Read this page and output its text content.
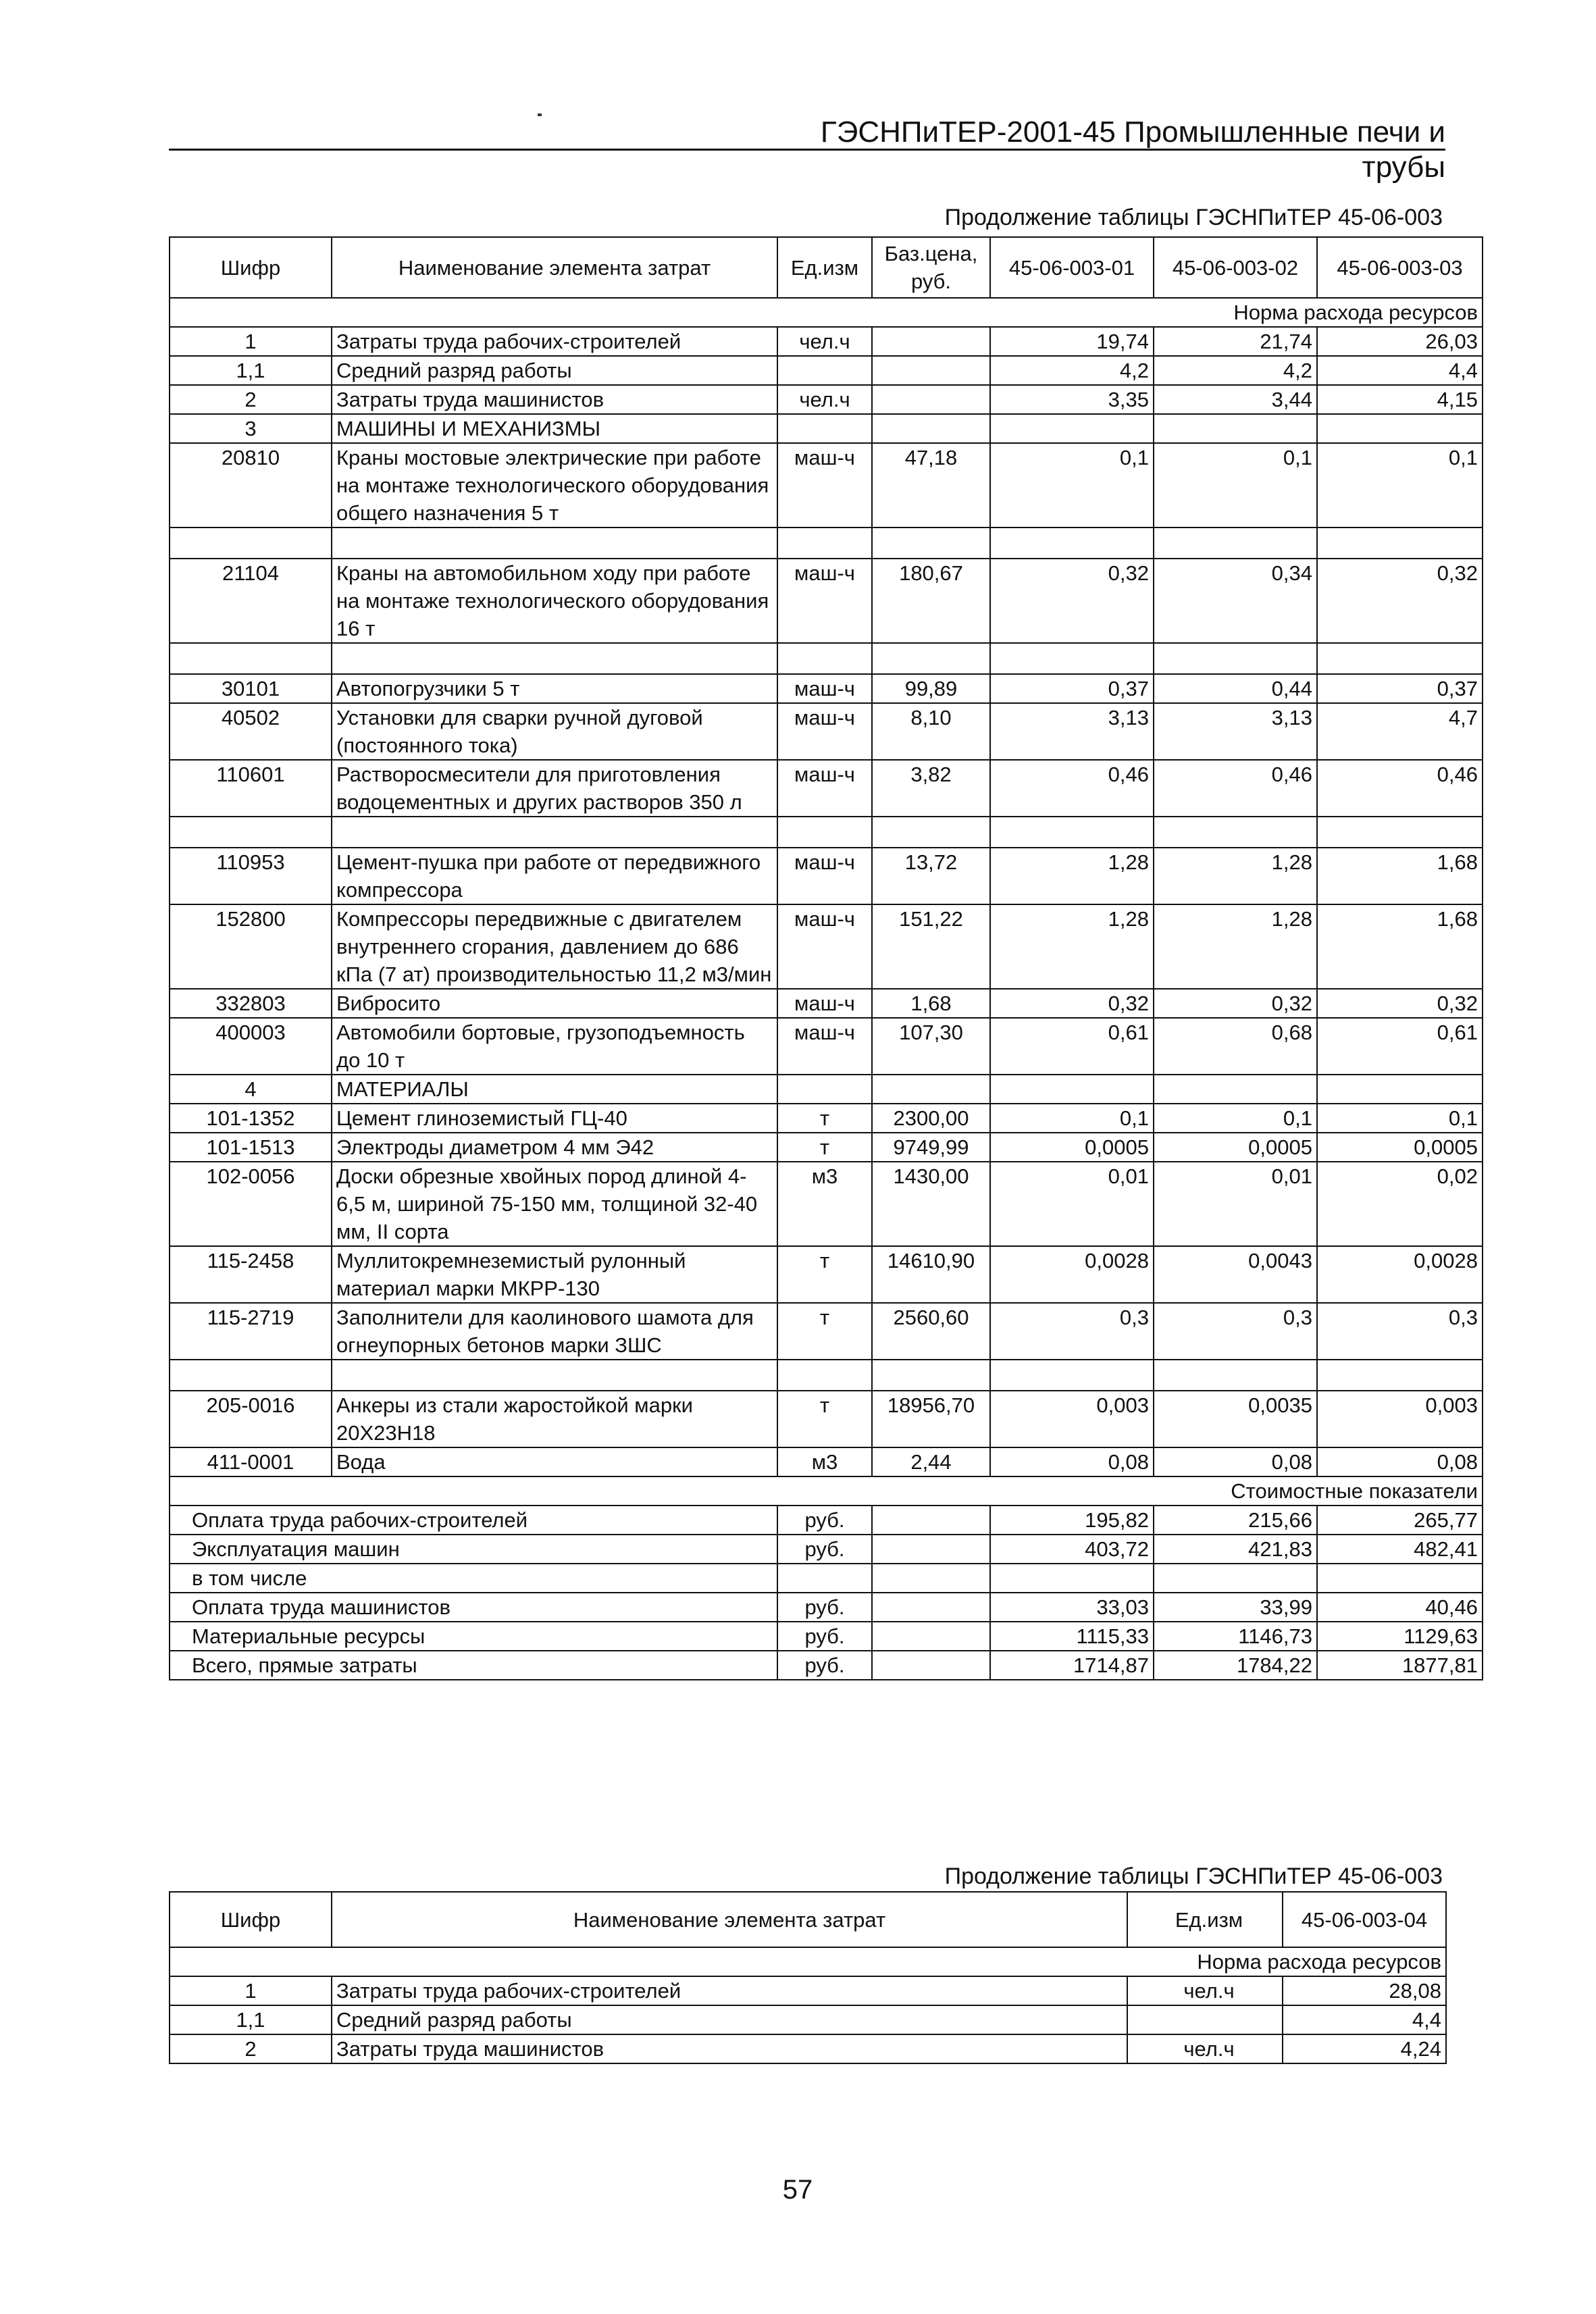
ГЭСНПиТЕР-2001-45 Промышленные печи и трубы
Продолжение таблицы ГЭСНПиТЕР 45-06-003
Шифр	Наименование элемента затрат	Ед.изм	Баз.цена, руб.	45-06-003-01	45-06-003-02	45-06-003-03
Норма расхода ресурсов						
1	Затраты труда рабочих-строителей	чел.ч		19,74	21,74	26,03
1,1	Средний разряд работы			4,2	4,2	4,4
2	Затраты труда машинистов	чел.ч		3,35	3,44	4,15
3	МАШИНЫ И МЕХАНИЗМЫ					
20810	Краны мостовые электрические при работе на монтаже технологического оборудования общего назначения 5 т	маш-ч	47,18	0,1	0,1	0,1

21104	Краны на автомобильном ходу при работе на монтаже технологического оборудования 16 т	маш-ч	180,67	0,32	0,34	0,32

30101	Автопогрузчики 5 т	маш-ч	99,89	0,37	0,44	0,37
40502	Установки для сварки ручной дуговой (постоянного тока)	маш-ч	8,10	3,13	3,13	4,7
110601	Растворосмесители для приготовления водоцементных и других растворов 350 л	маш-ч	3,82	0,46	0,46	0,46

110953	Цемент-пушка при работе от передвижного компрессора	маш-ч	13,72	1,28	1,28	1,68
152800	Компрессоры передвижные с двигателем внутреннего сгорания, давлением до 686 кПа (7 ат) производительностью 11,2 м3/мин	маш-ч	151,22	1,28	1,28	1,68
332803	Вибросито	маш-ч	1,68	0,32	0,32	0,32
400003	Автомобили бортовые, грузоподъемность до 10 т	маш-ч	107,30	0,61	0,68	0,61
4	МАТЕРИАЛЫ					
101-1352	Цемент глиноземистый ГЦ-40	т	2300,00	0,1	0,1	0,1
101-1513	Электроды диаметром 4 мм Э42	т	9749,99	0,0005	0,0005	0,0005
102-0056	Доски обрезные хвойных пород длиной 4-6,5 м, шириной 75-150 мм, толщиной 32-40 мм, II сорта	м3	1430,00	0,01	0,01	0,02
115-2458	Муллитокремнеземистый рулонный материал марки МКРР-130	т	14610,90	0,0028	0,0043	0,0028
115-2719	Заполнители для каолинового шамота для огнеупорных бетонов марки ЗШС	т	2560,60	0,3	0,3	0,3

205-0016	Анкеры из стали жаростойкой марки 20Х23Н18	т	18956,70	0,003	0,0035	0,003
411-0001	Вода	м3	2,44	0,08	0,08	0,08
Стоимостные показатели						
Оплата труда рабочих-строителей		руб.		195,82	215,66	265,77
Эксплуатация машин		руб.		403,72	421,83	482,41
в том числе						
Оплата труда машинистов		руб.		33,03	33,99	40,46
Материальные ресурсы		руб.		1115,33	1146,73	1129,63
Всего, прямые затраты		руб.		1714,87	1784,22	1877,81
Продолжение таблицы ГЭСНПиТЕР 45-06-003
Шифр	Наименование элемента затрат	Ед.изм	45-06-003-04
Норма расхода ресурсов			
1	Затраты труда рабочих-строителей	чел.ч	28,08
1,1	Средний разряд работы		4,4
2	Затраты труда машинистов	чел.ч	4,24
57
